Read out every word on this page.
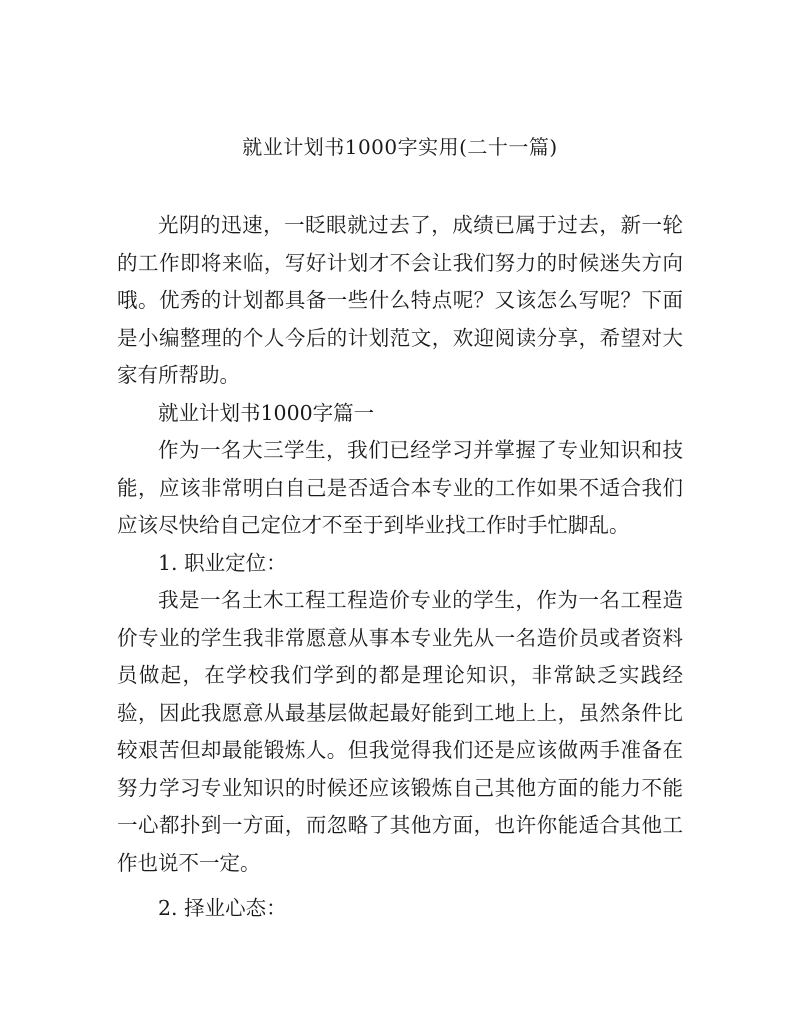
就业计划书1000字实用(二十一篇)

光阴的迅速，一眨眼就过去了，成绩已属于过去，新一轮的工作即将来临，写好计划才不会让我们努力的时候迷失方向哦。优秀的计划都具备一些什么特点呢？又该怎么写呢？下面是小编整理的个人今后的计划范文，欢迎阅读分享，希望对大家有所帮助。

就业计划书1000字篇一

作为一名大三学生，我们已经学习并掌握了专业知识和技能，应该非常明白自己是否适合本专业的工作如果不适合我们应该尽快给自己定位才不至于到毕业找工作时手忙脚乱。

1. 职业定位：

我是一名土木工程工程造价专业的学生，作为一名工程造价专业的学生我非常愿意从事本专业先从一名造价员或者资料员做起，在学校我们学到的都是理论知识，非常缺乏实践经验，因此我愿意从最基层做起最好能到工地上上，虽然条件比较艰苦但却最能锻炼人。但我觉得我们还是应该做两手准备在努力学习专业知识的时候还应该锻炼自己其他方面的能力不能一心都扑到一方面，而忽略了其他方面，也许你能适合其他工作也说不一定。

2. 择业心态：
